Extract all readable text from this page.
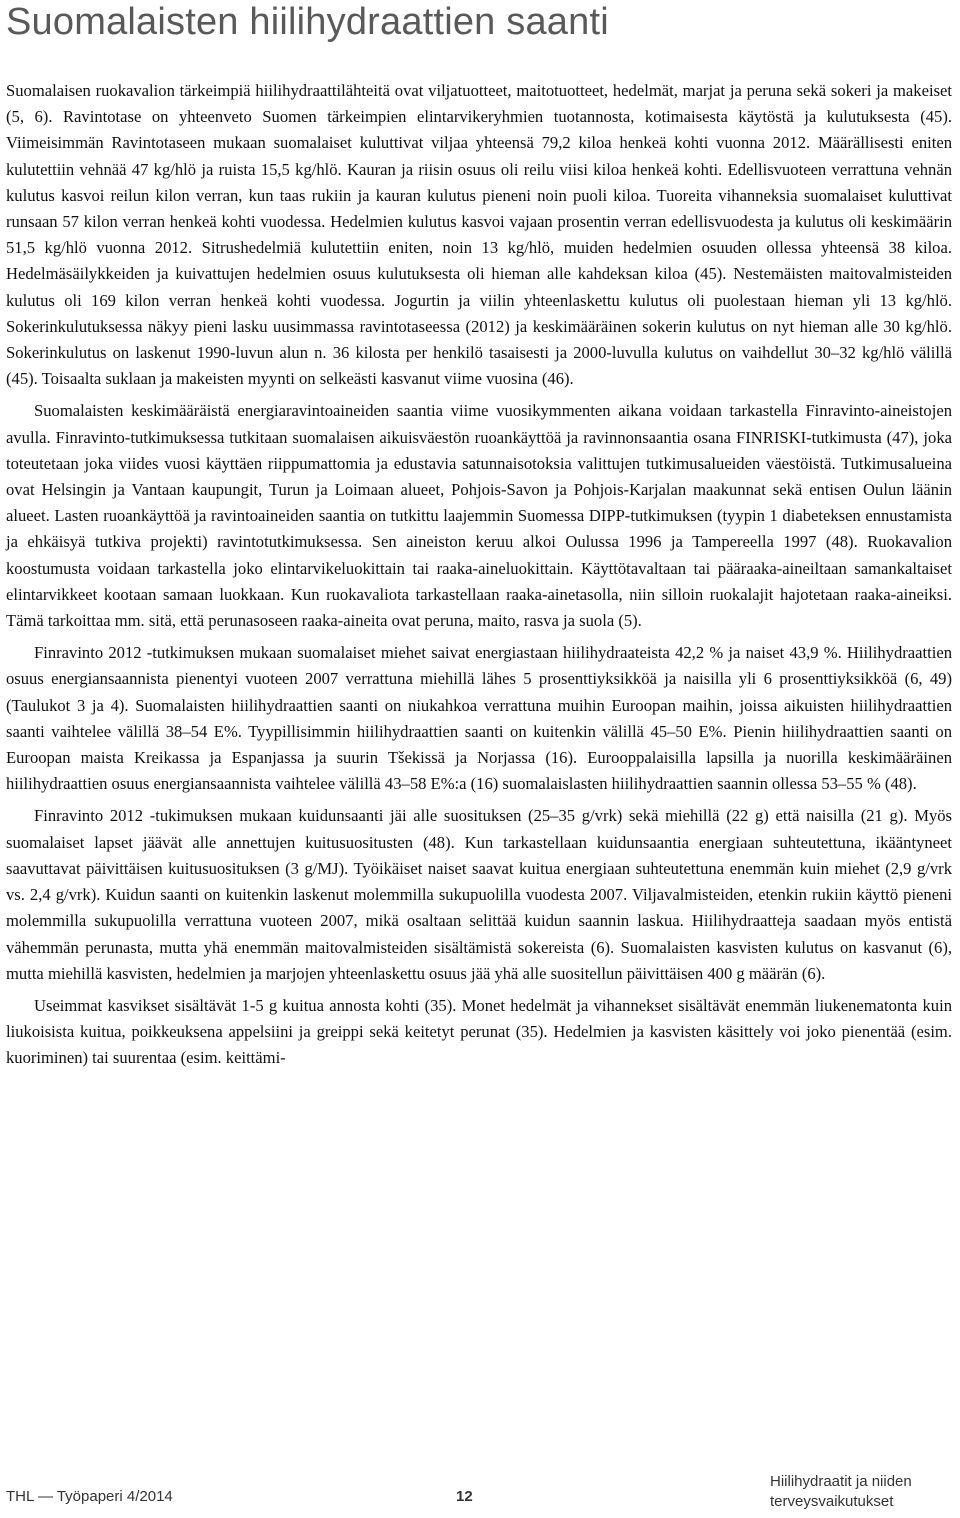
Suomalaisten hiilihydraattien saanti

Suomalaisen ruokavalion tärkeimpiä hiilihydraattilähteitä ovat viljatuotteet, maitotuotteet, hedelmät, marjat ja peruna sekä sokeri ja makeiset (5, 6). Ravintotase on yhteenveto Suomen tärkeimpien elintarvikeryhmien tuotannosta, kotimaisesta käytöstä ja kulutuksesta (45). Viimeisimmän Ravintotaseen mukaan suomalaiset kuluttivat viljaa yhteensä 79,2 kiloa henkeä kohti vuonna 2012. Määrällisesti eniten kulutettiin vehnää 47 kg/hlö ja ruista 15,5 kg/hlö. Kauran ja riisin osuus oli reilu viisi kiloa henkeä kohti. Edellisvuoteen verrattuna vehnän kulutus kasvoi reilun kilon verran, kun taas rukiin ja kauran kulutus pieneni noin puoli kiloa. Tuoreita vihanneksia suomalaiset kuluttivat runsaan 57 kilon verran henkeä kohti vuodessa. Hedelmien kulutus kasvoi vajaan prosentin verran edellisvuodesta ja kulutus oli keskimäärin 51,5 kg/hlö vuonna 2012. Sitrushedelmiä kulutettiin eniten, noin 13 kg/hlö, muiden hedelmien osuuden ollessa yhteensä 38 kiloa. Hedelmäsäilykkeiden ja kuivattujen hedelmien osuus kulutuksesta oli hieman alle kahdeksan kiloa (45). Nestemäisten maitovalmisteiden kulutus oli 169 kilon verran henkeä kohti vuodessa. Jogurtin ja viilin yhteenlaskettu kulutus oli puolestaan hieman yli 13 kg/hlö. Sokerinkulutuksessa näkyy pieni lasku uusimmassa ravintotaseessa (2012) ja keskimääräinen sokerin kulutus on nyt hieman alle 30 kg/hlö. Sokerinkulutus on laskenut 1990-luvun alun n. 36 kilosta per henkilö tasaisesti ja 2000-luvulla kulutus on vaihdellut 30–32 kg/hlö välillä (45). Toisaalta suklaan ja makeisten myynti on selkeästi kasvanut viime vuosina (46).

Suomalaisten keskimääräistä energiaravintoaineiden saantia viime vuosikymmenten aikana voidaan tarkastella Finravinto-aineistojen avulla. Finravinto-tutkimuksessa tutkitaan suomalaisen aikuisväestön ruoankäyttöä ja ravinnonsaantia osana FINRISKI-tutkimusta (47), joka toteutetaan joka viides vuosi käyttäen riippumattomia ja edustavia satunnaisotoksia valittujen tutkimusalueiden väestöistä. Tutkimusalueina ovat Helsingin ja Vantaan kaupungit, Turun ja Loimaan alueet, Pohjois-Savon ja Pohjois-Karjalan maakunnat sekä entisen Oulun läänin alueet. Lasten ruoankäyttöä ja ravintoaineiden saantia on tutkittu laajemmin Suomessa DIPP-tutkimuksen (tyypin 1 diabeteksen ennustamista ja ehkäisyä tutkiva projekti) ravintotutkimuksessa. Sen aineiston keruu alkoi Oulussa 1996 ja Tampereella 1997 (48). Ruokavalion koostumusta voidaan tarkastella joko elintarvikeluokittain tai raaka-aineluokittain. Käyttötavaltaan tai pääraaka-aineiltaan samankaltaiset elintarvikkeet kootaan samaan luokkaan. Kun ruokavaliota tarkastellaan raaka-ainetasolla, niin silloin ruokalajit hajotetaan raaka-aineiksi. Tämä tarkoittaa mm. sitä, että perunasoseen raaka-aineita ovat peruna, maito, rasva ja suola (5).

Finravinto 2012 -tutkimuksen mukaan suomalaiset miehet saivat energiastaan hiilihydraateista 42,2 % ja naiset 43,9 %. Hiilihydraattien osuus energiansaannista pienentyi vuoteen 2007 verrattuna miehillä lähes 5 prosenttiyksikköä ja naisilla yli 6 prosenttiyksikköä (6, 49) (Taulukot 3 ja 4). Suomalaisten hiilihydraattien saanti on niukahkoa verrattuna muihin Euroopan maihin, joissa aikuisten hiilihydraattien saanti vaihtelee välillä 38–54 E%. Tyypillisimmin hiilihydraattien saanti on kuitenkin välillä 45–50 E%. Pienin hiilihydraattien saanti on Euroopan maista Kreikassa ja Espanjassa ja suurin Tšekissä ja Norjassa (16). Eurooppalaisilla lapsilla ja nuorilla keskimääräinen hiilihydraattien osuus energiansaannista vaihtelee välillä 43–58 E%:a (16) suomalaislasten hiilihydraattien saannin ollessa 53–55 % (48).

Finravinto 2012 -tukimuksen mukaan kuidunsaanti jäi alle suosituksen (25–35 g/vrk) sekä miehillä (22 g) että naisilla (21 g). Myös suomalaiset lapset jäävät alle annettujen kuitusuositusten (48). Kun tarkastellaan kuidunsaantia energiaan suhteutettuna, ikääntyneet saavuttavat päivittäisen kuitusuosituksen (3 g/MJ). Työikäiset naiset saavat kuitua energiaan suhteutettuna enemmän kuin miehet (2,9 g/vrk vs. 2,4 g/vrk). Kuidun saanti on kuitenkin laskenut molemmilla sukupuolilla vuodesta 2007. Viljavalmisteiden, etenkin rukiin käyttö pieneni molemmilla sukupuolilla verrattuna vuoteen 2007, mikä osaltaan selittää kuidun saannin laskua. Hiilihydraatteja saadaan myös entistä vähemmän perunasta, mutta yhä enemmän maitovalmisteiden sisältämistä sokereista (6). Suomalaisten kasvisten kulutus on kasvanut (6), mutta miehillä kasvisten, hedelmien ja marjojen yhteenlaskettu osuus jää yhä alle suositellun päivittäisen 400 g määrän (6).

Useimmat kasvikset sisältävät 1-5 g kuitua annosta kohti (35). Monet hedelmät ja vihannekset sisältävät enemmän liukenematonta kuin liukoisista kuitua, poikkeuksena appelsiini ja greippi sekä keitetyt perunat (35). Hedelmien ja kasvisten käsittely voi joko pienentää (esim. kuoriminen) tai suurentaa (esim. keittämi-

THL — Työpaperi 4/2014	12
Hiilihydraatit ja niiden
terveysvaikutukset
